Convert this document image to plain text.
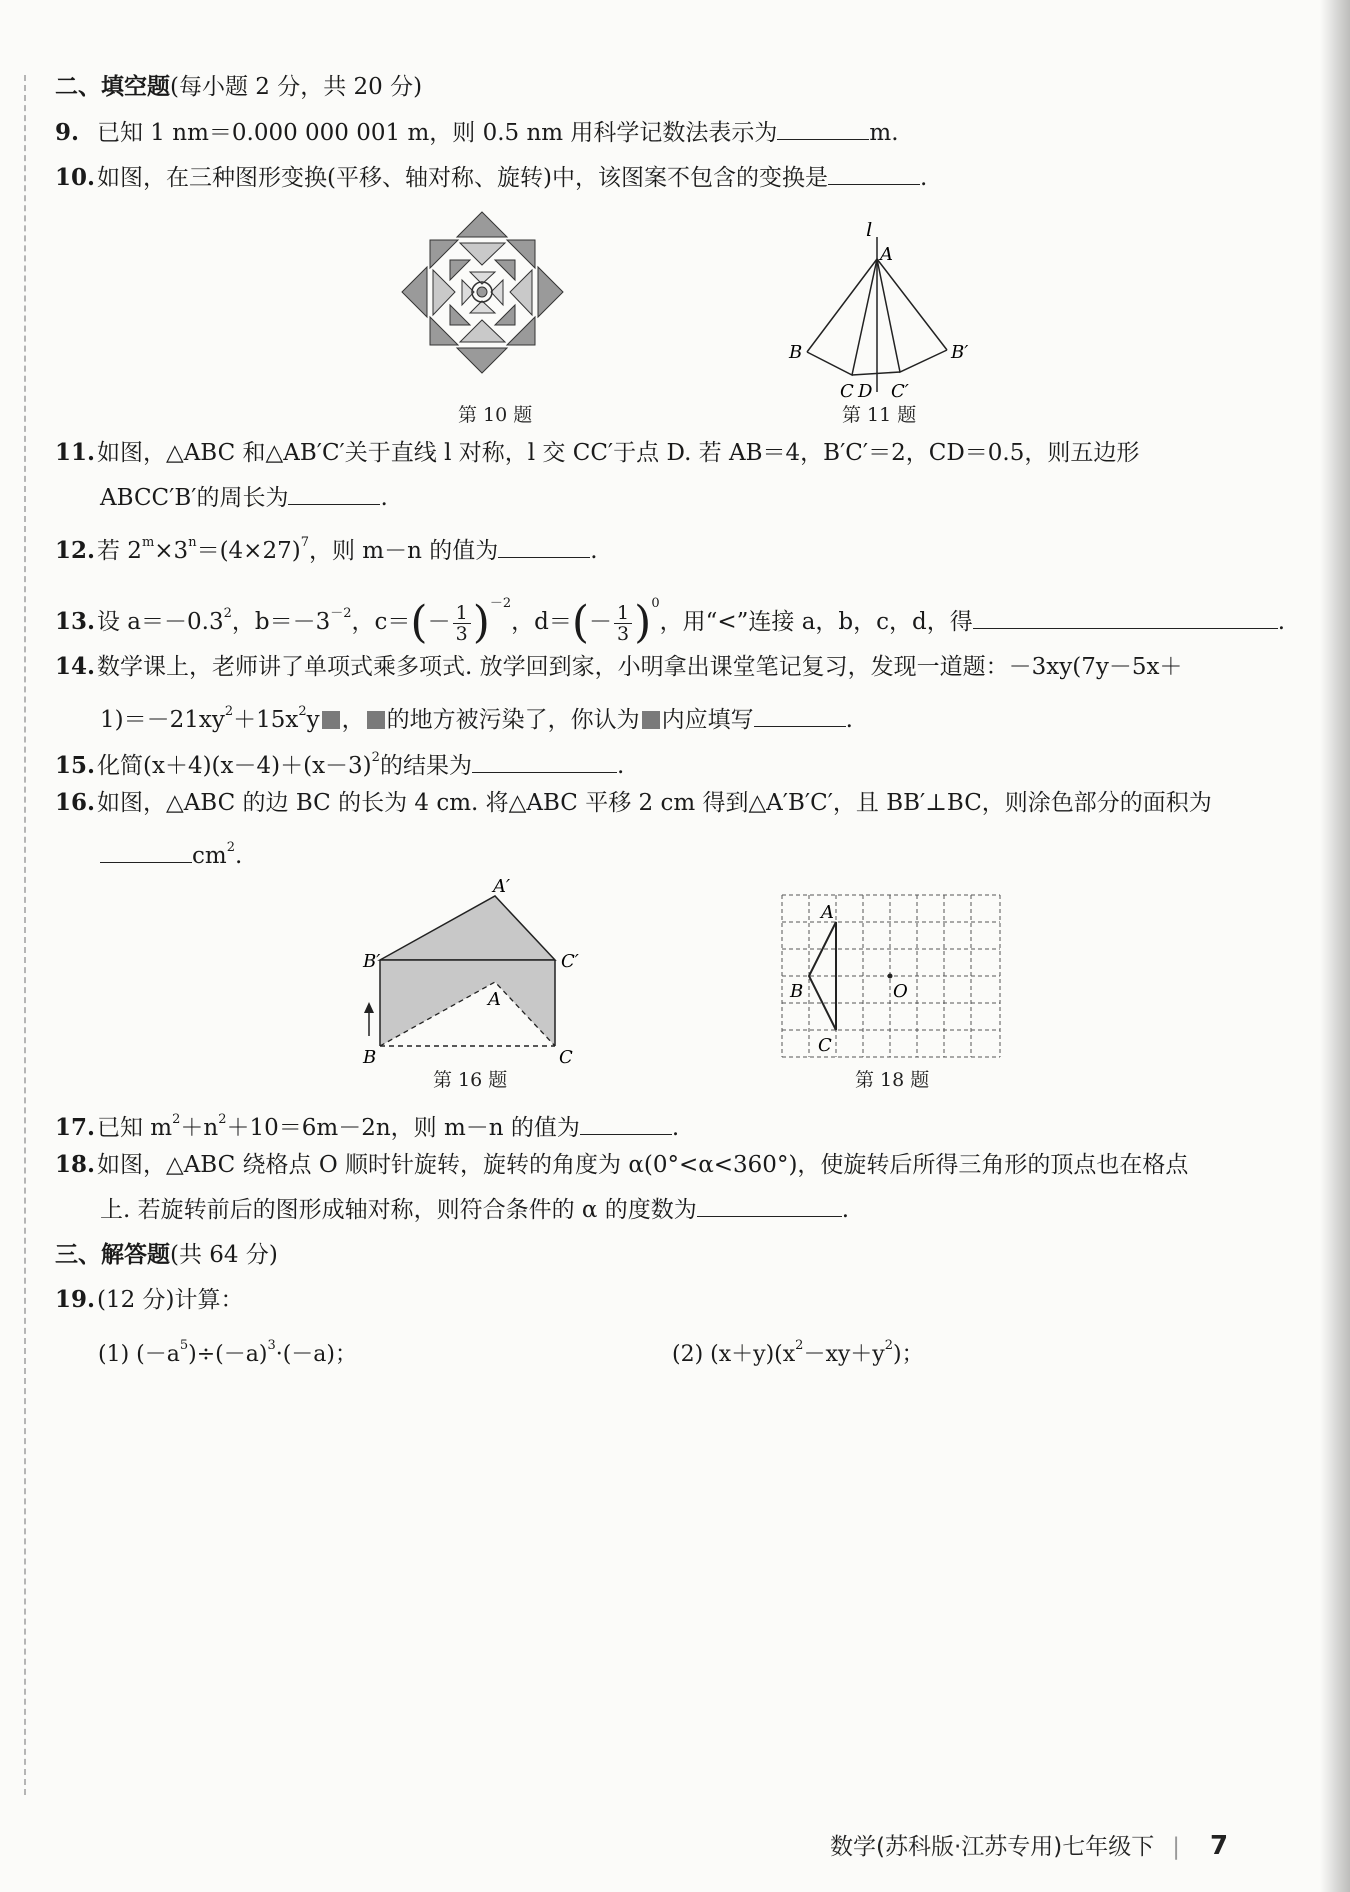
二、填空题(每小题 2 分，共 20 分)
9. 已知 1 nm＝0.000 000 001 m，则 0.5 nm 用科学记数法表示为	m.
10.如图，在三种图形变换(平移、轴对称、旋转)中，该图案不包含的变换是	.
第 10 题
l
A
B	B′
C D C′
第 11 题
11.如图，△ABC 和△AB′C′关于直线 l 对称，l 交 CC′于点 D. 若 AB＝4，B′C′＝2，CD＝0.5，则五边形
ABCC′B′的周长为	.
12.若 $2^m\times 3^n=(4\times 27)^7$，则 m－n 的值为	.
13.设 $a=-0.3^2$，$b=-3^{-2}$，$c=(- \frac{1}{3} )^{-2}$，$d=(- \frac{1}{3} )^0$，用“<”连接 a，b，c，d，得	.
14.数学课上，老师讲了单项式乘多项式. 放学回到家，小明拿出课堂笔记复习，发现一道题：－3xy(7y－5x＋
$1)=-21xy^2+15x^2y$ ， 的地方被污染了，你认为 内应填写	.
15.化简$(x+4)(x-4)+(x-3)^2$的结果为	.
16.如图，△ABC 的边 BC 的长为 4 cm. 将△ABC 平移 2 cm 得到△A′B′C′，且 BB′⊥BC，则涂色部分的面积为
$cm^2$.
A′
B′	C′
A
B	C
第 16 题
A
B
C
O
第 18 题
17.已知 $m^2+n^2+10=6m-2n$，则 m－n 的值为	.
18.如图，△ABC 绕格点 O 顺时针旋转，旋转的角度为 α(0°<α<360°)，使旋转后所得三角形的顶点也在格点
上. 若旋转前后的图形成轴对称，则符合条件的 α 的度数为	.
三、解答题(共 64 分)
19.(12 分)计算：
(1) $(-a^5)\div(-a)^3\cdot(-a)$；	(2) $(x+y)(x^2-xy+y^2)$；
数学(苏科版·江苏专用)七年级下 | 7
